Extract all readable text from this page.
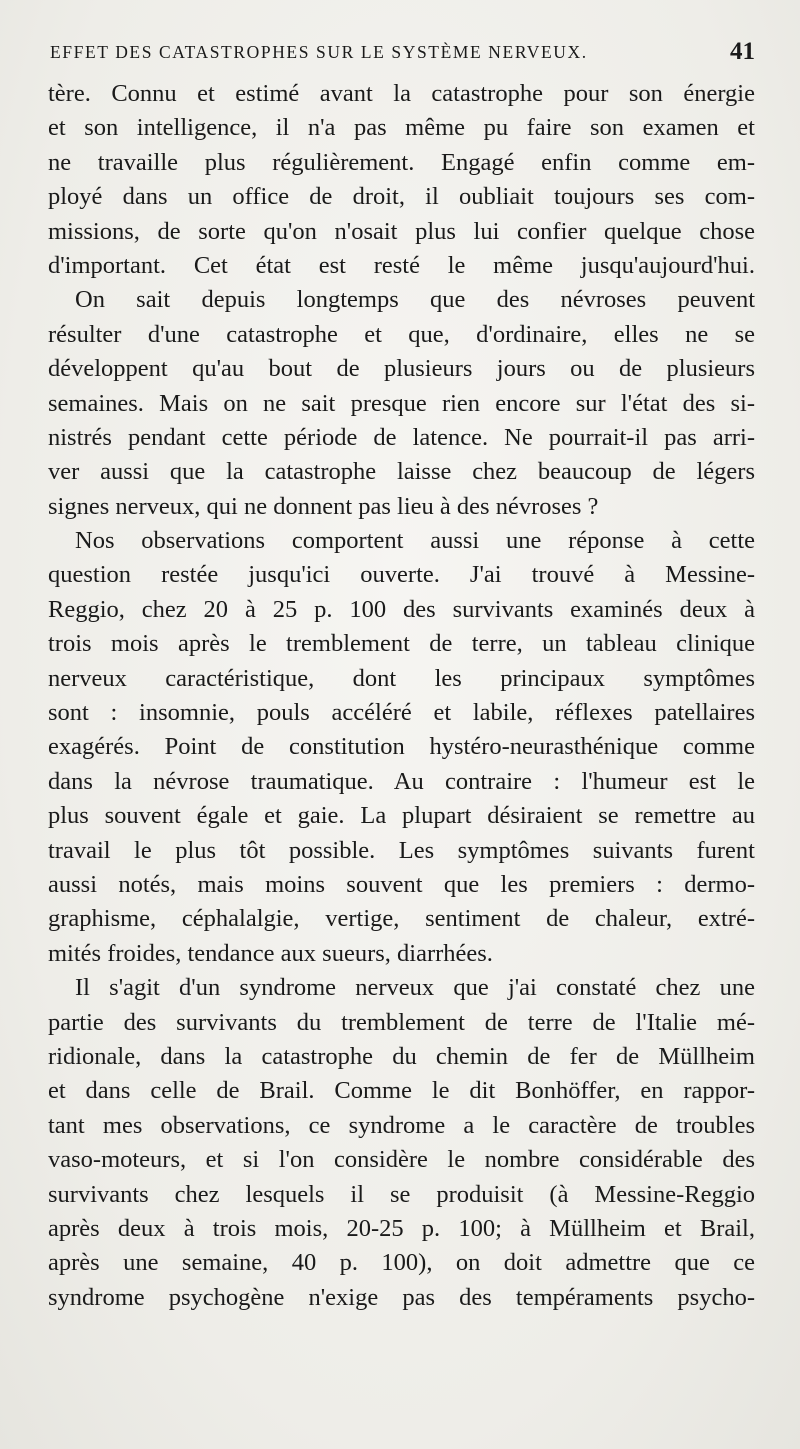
EFFET DES CATASTROPHES SUR LE SYSTÈME NERVEUX.	41
tère. Connu et estimé avant la catastrophe pour son énergie
et son intelligence, il n'a pas même pu faire son examen et
ne travaille plus régulièrement. Engagé enfin comme em-
ployé dans un office de droit, il oubliait toujours ses com-
missions, de sorte qu'on n'osait plus lui confier quelque chose
d'important. Cet état est resté le même jusqu'aujourd'hui.
On sait depuis longtemps que des névroses peuvent
résulter d'une catastrophe et que, d'ordinaire, elles ne se
développent qu'au bout de plusieurs jours ou de plusieurs
semaines. Mais on ne sait presque rien encore sur l'état des si-
nistrés pendant cette période de latence. Ne pourrait-il pas arri-
ver aussi que la catastrophe laisse chez beaucoup de légers
signes nerveux, qui ne donnent pas lieu à des névroses ?
Nos observations comportent aussi une réponse à cette
question restée jusqu'ici ouverte. J'ai trouvé à Messine-
Reggio, chez 20 à 25 p. 100 des survivants examinés deux à
trois mois après le tremblement de terre, un tableau clinique
nerveux caractéristique, dont les principaux symptômes
sont : insomnie, pouls accéléré et labile, réflexes patellaires
exagérés. Point de constitution hystéro-neurasthénique comme
dans la névrose traumatique. Au contraire : l'humeur est le
plus souvent égale et gaie. La plupart désiraient se remettre au
travail le plus tôt possible. Les symptômes suivants furent
aussi notés, mais moins souvent que les premiers : dermo-
graphisme, céphalalgie, vertige, sentiment de chaleur, extré-
mités froides, tendance aux sueurs, diarrhées.
Il s'agit d'un syndrome nerveux que j'ai constaté chez une
partie des survivants du tremblement de terre de l'Italie mé-
ridionale, dans la catastrophe du chemin de fer de Müllheim
et dans celle de Brail. Comme le dit Bonhöffer, en rappor-
tant mes observations, ce syndrome a le caractère de troubles
vaso-moteurs, et si l'on considère le nombre considérable des
survivants chez lesquels il se produisit (à Messine-Reggio
après deux à trois mois, 20-25 p. 100; à Müllheim et Brail,
après une semaine, 40 p. 100), on doit admettre que ce
syndrome psychogène n'exige pas des tempéraments psycho-
